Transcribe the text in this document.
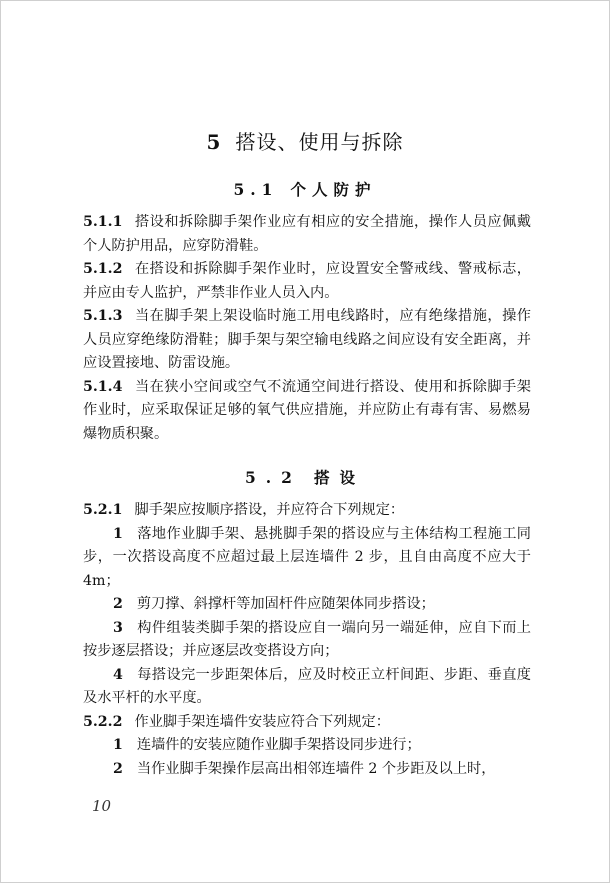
5 搭设、使用与拆除
5.1 个人防护

5.1.1 搭设和拆除脚手架作业应有相应的安全措施，操作人员应佩戴个人防护用品，应穿防滑鞋。

5.1.2 在搭设和拆除脚手架作业时，应设置安全警戒线、警戒标志，并应由专人监护，严禁非作业人员入内。

5.1.3 当在脚手架上架设临时施工用电线路时，应有绝缘措施，操作人员应穿绝缘防滑鞋；脚手架与架空输电线路之间应设有安全距离，并应设置接地、防雷设施。

5.1.4 当在狭小空间或空气不流通空间进行搭设、使用和拆除脚手架作业时，应采取保证足够的氧气供应措施，并应防止有毒有害、易燃易爆物质积聚。

5.2 搭设

5.2.1 脚手架应按顺序搭设，并应符合下列规定：

1 落地作业脚手架、悬挑脚手架的搭设应与主体结构工程施工同步，一次搭设高度不应超过最上层连墙件 2 步，且自由高度不应大于 4m；

2 剪刀撑、斜撑杆等加固杆件应随架体同步搭设；

3 构件组装类脚手架的搭设应自一端向另一端延伸，应自下而上按步逐层搭设；并应逐层改变搭设方向；

4 每搭设完一步距架体后，应及时校正立杆间距、步距、垂直度及水平杆的水平度。

5.2.2 作业脚手架连墙件安装应符合下列规定：

1 连墙件的安装应随作业脚手架搭设同步进行；

2 当作业脚手架操作层高出相邻连墙件 2 个步距及以上时，

10
